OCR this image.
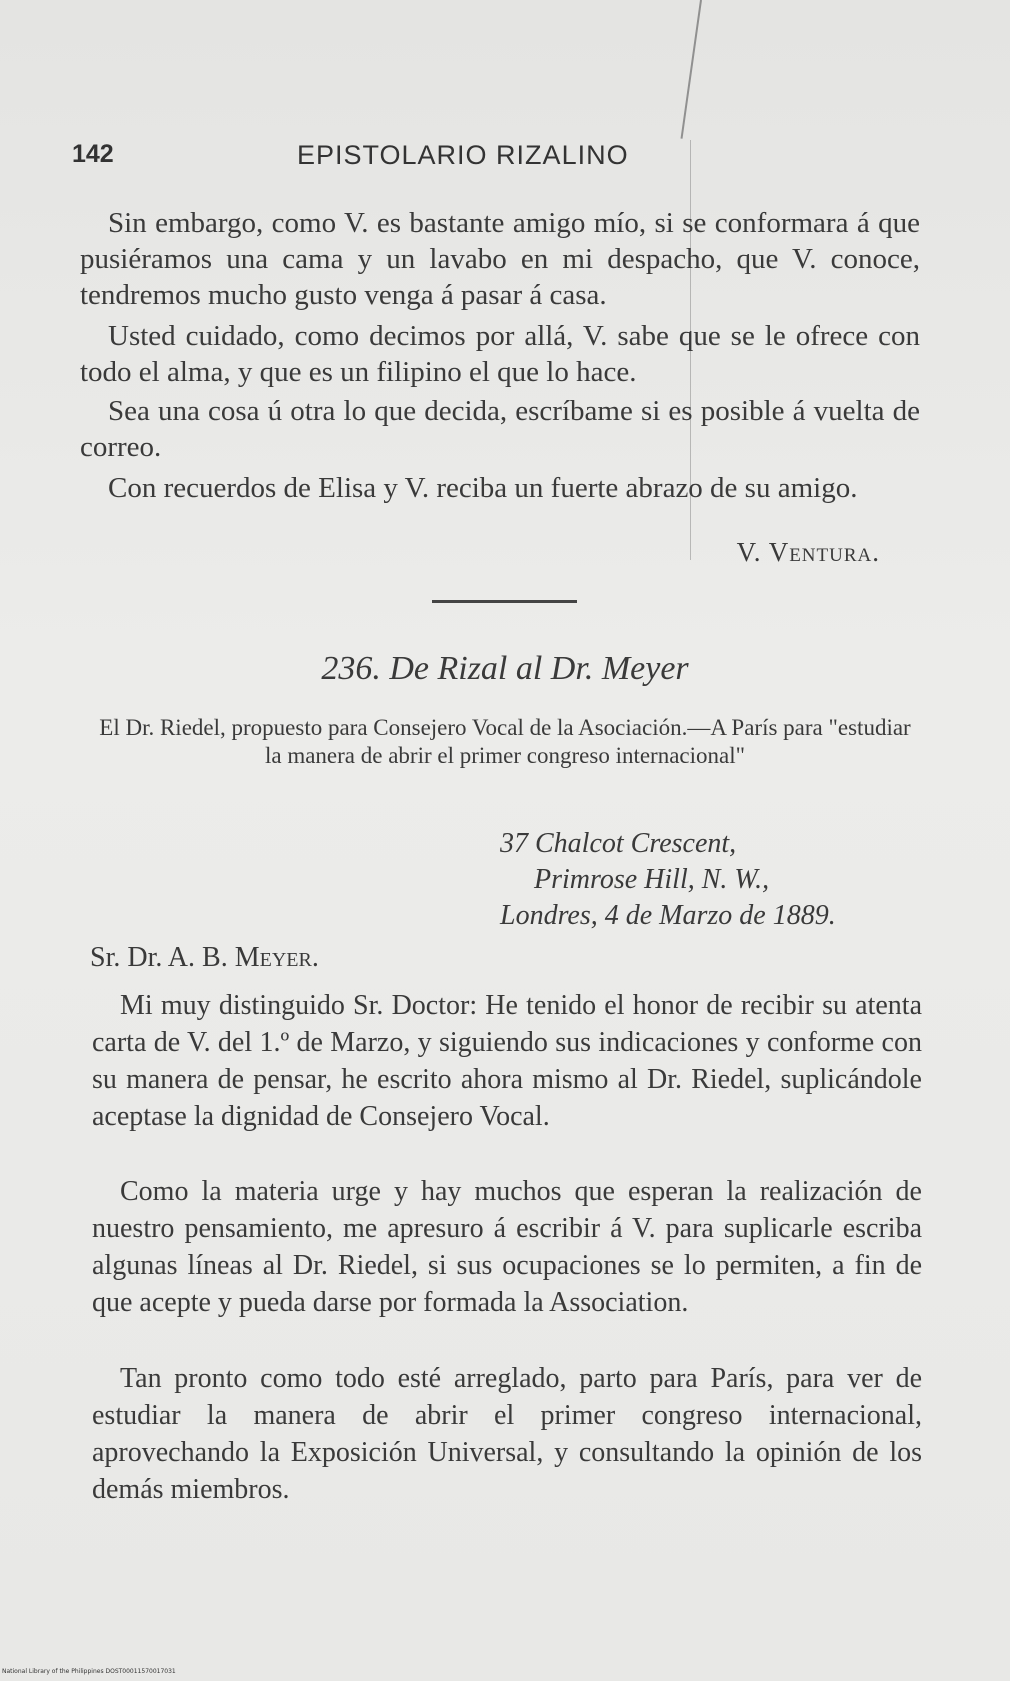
142	EPISTOLARIO RIZALINO

Sin embargo, como V. es bastante amigo mío, si se conformara á que pusiéramos una cama y un lavabo en mi despacho, que V. conoce, tendremos mucho gusto venga á pasar á casa.

Usted cuidado, como decimos por allá, V. sabe que se le ofrece con todo el alma, y que es un filipino el que lo hace.

Sea una cosa ú otra lo que decida, escríbame si es posible á vuelta de correo.

Con recuerdos de Elisa y V. reciba un fuerte abrazo de su amigo.

V. Ventura.
236. De Rizal al Dr. Meyer
El Dr. Riedel, propuesto para Consejero Vocal de la Asociación.—A París para "estudiar la manera de abrir el primer congreso internacional"
37 Chalcot Crescent,
Primrose Hill, N. W.,
Londres, 4 de Marzo de 1889.
Sr. Dr. A. B. Meyer.

Mi muy distinguido Sr. Doctor: He tenido el honor de recibir su atenta carta de V. del 1.º de Marzo, y siguiendo sus indicaciones y conforme con su manera de pensar, he escrito ahora mismo al Dr. Riedel, suplicándole aceptase la dignidad de Consejero Vocal.

Como la materia urge y hay muchos que esperan la realización de nuestro pensamiento, me apresuro á escribir á V. para suplicarle escriba algunas líneas al Dr. Riedel, si sus ocupaciones se lo permiten, a fin de que acepte y pueda darse por formada la Association.

Tan pronto como todo esté arreglado, parto para París, para ver de estudiar la manera de abrir el primer congreso internacional, aprovechando la Exposición Universal, y consultando la opinión de los demás miembros.

National Library of the Philippines DOST00011570017031
